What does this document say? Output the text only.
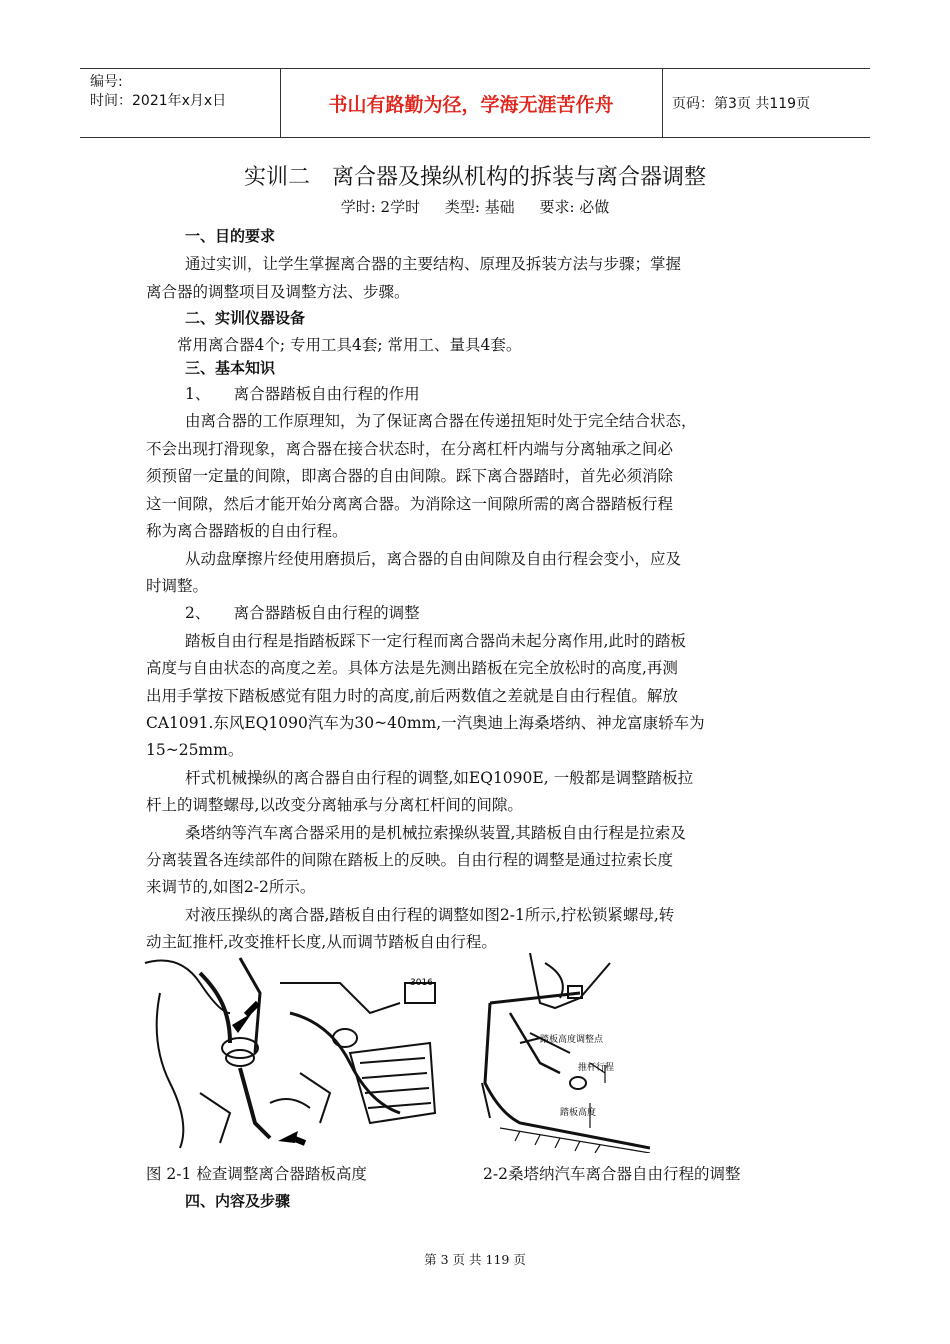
编号:
时间：2021年x月x日	书山有路勤为径，学海无涯苦作舟	页码：第3页 共119页
实训二　离合器及操纵机构的拆装与离合器调整
学时: 2学时 类型: 基础 要求: 必做
一、目的要求
通过实训，让学生掌握离合器的主要结构、原理及拆装方法与步骤；掌握
离合器的调整项目及调整方法、步骤。
二、实训仪器设备
常用离合器4个; 专用工具4套; 常用工、量具4套。
三、基本知识
1、　　离合器踏板自由行程的作用
由离合器的工作原理知，为了保证离合器在传递扭矩时处于完全结合状态，
不会出现打滑现象，离合器在接合状态时，在分离杠杆内端与分离轴承之间必
须预留一定量的间隙，即离合器的自由间隙。踩下离合器踏时，首先必须消除
这一间隙，然后才能开始分离离合器。为消除这一间隙所需的离合器踏板行程
称为离合器踏板的自由行程。
从动盘摩擦片经使用磨损后，离合器的自由间隙及自由行程会变小，应及
时调整。
2、　　离合器踏板自由行程的调整
踏板自由行程是指踏板踩下一定行程而离合器尚未起分离作用,此时的踏板
高度与自由状态的高度之差。具体方法是先测出踏板在完全放松时的高度,再测
出用手掌按下踏板感觉有阻力时的高度,前后两数值之差就是自由行程值。解放
CA1091.东风EQ1090汽车为30~40mm,一汽奥迪上海桑塔纳、神龙富康轿车为
15~25mm。
杆式机械操纵的离合器自由行程的调整,如EQ1090E, 一般都是调整踏板拉
杆上的调整螺母,以改变分离轴承与分离杠杆间的间隙。
桑塔纳等汽车离合器采用的是机械拉索操纵装置,其踏板自由行程是拉索及
分离装置各连续部件的间隙在踏板上的反映。自由行程的调整是通过拉索长度
来调节的,如图2-2所示。
对液压操纵的离合器,踏板自由行程的调整如图2-1所示,拧松锁紧螺母,转
动主缸推杆,改变推杆长度,从而调节踏板自由行程。
3016
踏板高度调整点
推杆行程
踏板高度
图 2-1 检查调整离合器踏板高度	2-2桑塔纳汽车离合器自由行程的调整
四、内容及步骤
第 3 页 共 119 页
